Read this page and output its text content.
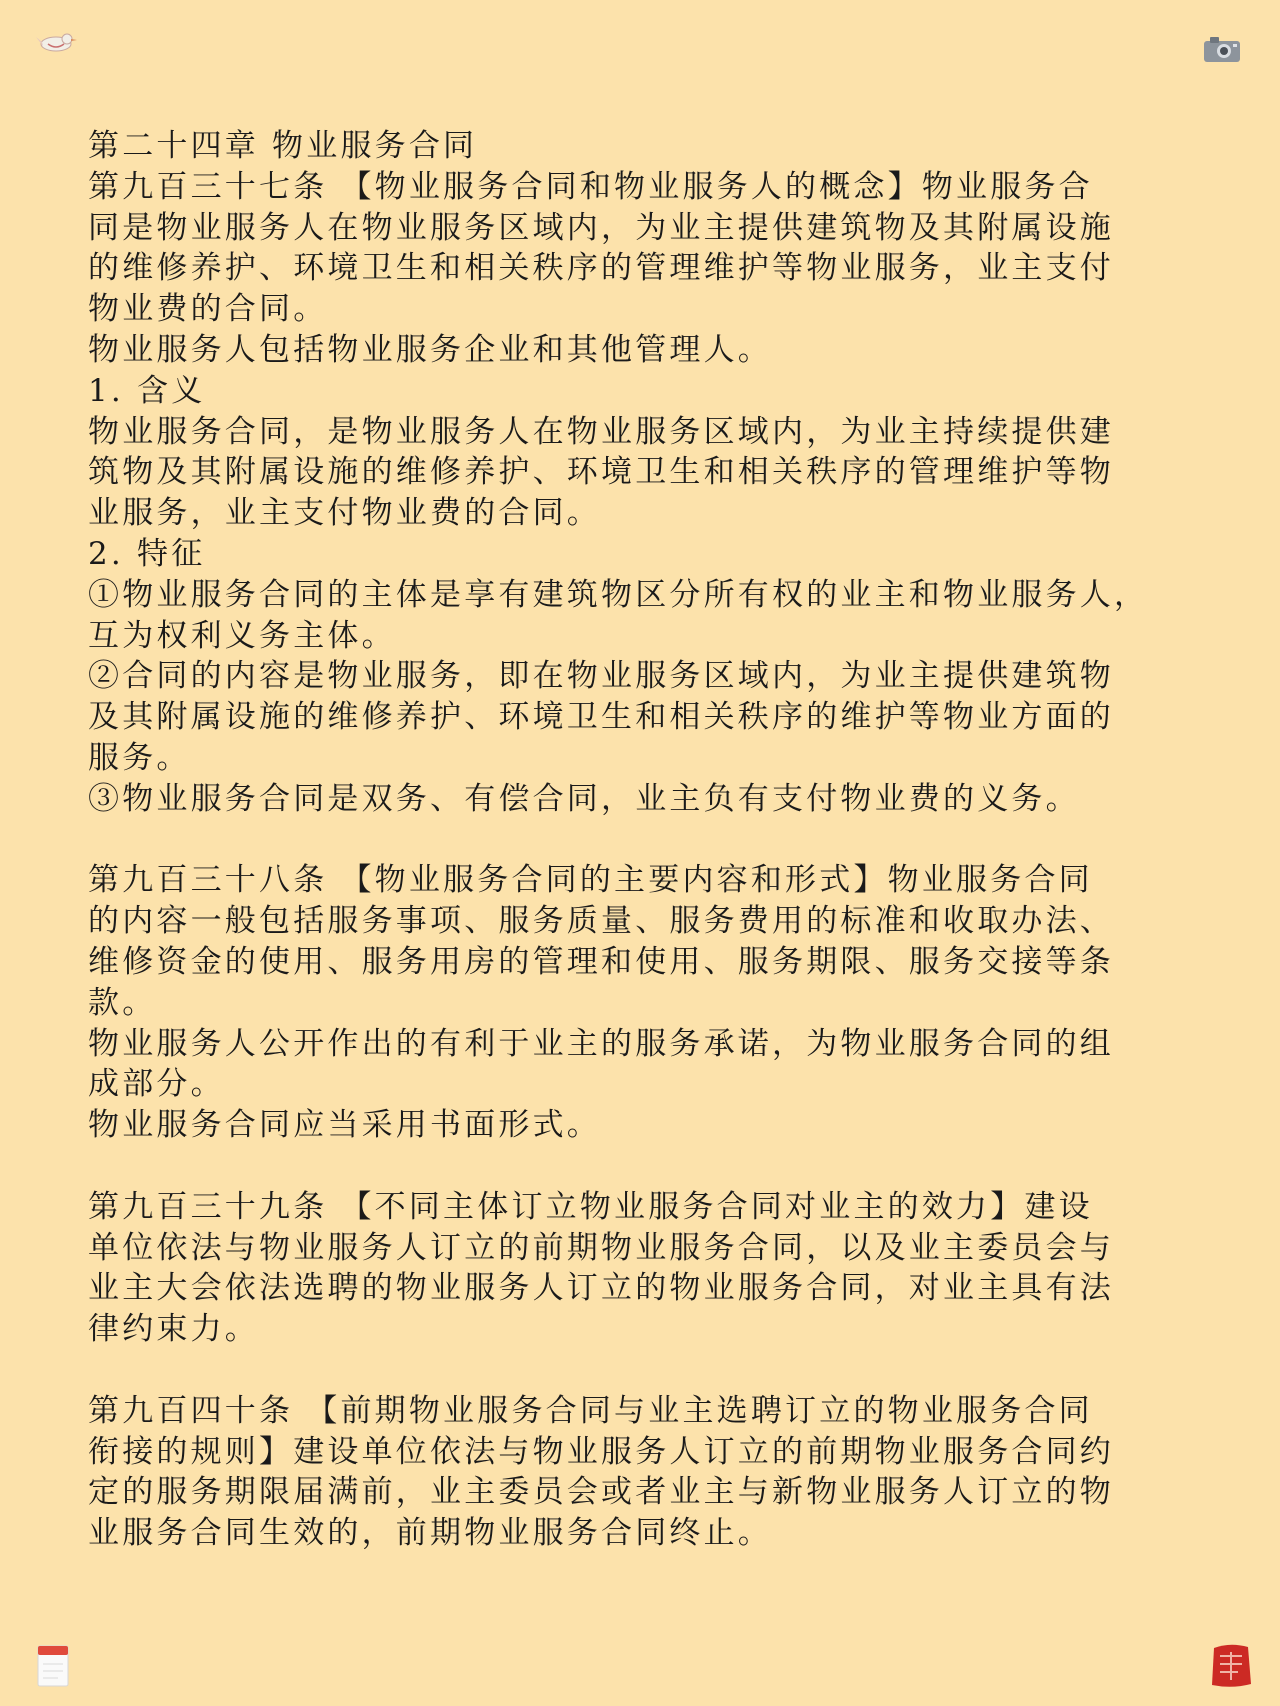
第二十四章 物业服务合同
第九百三十七条 【物业服务合同和物业服务人的概念】物业服务合
同是物业服务人在物业服务区域内，为业主提供建筑物及其附属设施
的维修养护、环境卫生和相关秩序的管理维护等物业服务，业主支付
物业费的合同。
物业服务人包括物业服务企业和其他管理人。
1. 含义
物业服务合同，是物业服务人在物业服务区域内，为业主持续提供建
筑物及其附属设施的维修养护、环境卫生和相关秩序的管理维护等物
业服务，业主支付物业费的合同。
2. 特征
①物业服务合同的主体是享有建筑物区分所有权的业主和物业服务人，
互为权利义务主体。
②合同的内容是物业服务，即在物业服务区域内，为业主提供建筑物
及其附属设施的维修养护、环境卫生和相关秩序的维护等物业方面的
服务。
③物业服务合同是双务、有偿合同，业主负有支付物业费的义务。
第九百三十八条 【物业服务合同的主要内容和形式】物业服务合同
的内容一般包括服务事项、服务质量、服务费用的标准和收取办法、
维修资金的使用、服务用房的管理和使用、服务期限、服务交接等条
款。
物业服务人公开作出的有利于业主的服务承诺，为物业服务合同的组
成部分。
物业服务合同应当采用书面形式。
第九百三十九条 【不同主体订立物业服务合同对业主的效力】建设
单位依法与物业服务人订立的前期物业服务合同，以及业主委员会与
业主大会依法选聘的物业服务人订立的物业服务合同，对业主具有法
律约束力。
第九百四十条 【前期物业服务合同与业主选聘订立的物业服务合同
衔接的规则】建设单位依法与物业服务人订立的前期物业服务合同约
定的服务期限届满前，业主委员会或者业主与新物业服务人订立的物
业服务合同生效的，前期物业服务合同终止。
